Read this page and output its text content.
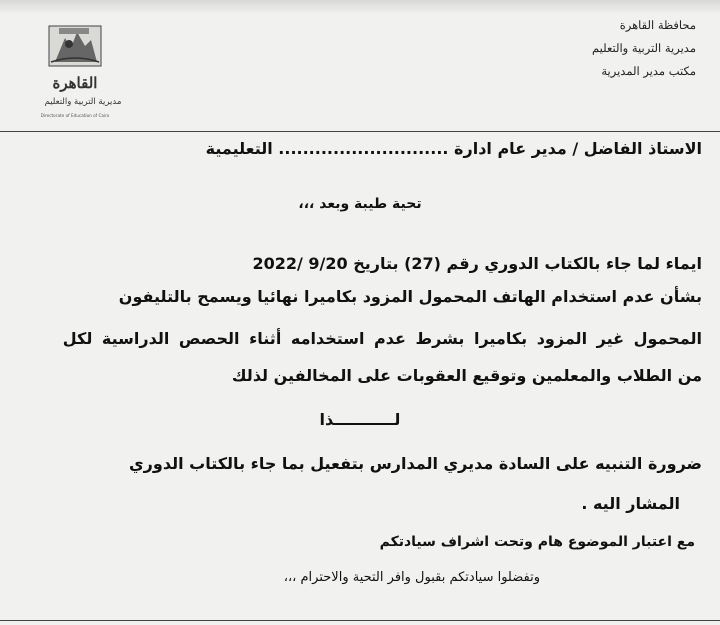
محافظة القاهرة
مديرية التربية والتعليم
مكتب مدير المديرية
القاهرة
مديرية التربية والتعليم
Directorate of Education of Cairo
الاستاذ الفاضل / مدير عام ادارة ............................ التعليمية
تحية طيبة وبعد ،،،
ايماء لما جاء بالكتاب الدوري رقم (27) بتاريخ 9/20 /2022
بشأن عدم استخدام الهاتف المحمول المزود بكاميرا نهائيا ويسمح بالتليفون
المحمول غير المزود بكاميرا بشرط عدم استخدامه أثناء الحصص الدراسية لكل
من الطلاب والمعلمين وتوقيع العقوبات على المخالفين لذلك
لـــــــــــذا
ضرورة التنبيه على السادة مديري المدارس بتفعيل بما جاء بالكتاب الدوري
المشار اليه .
مع اعتبار الموضوع هام وتحت اشراف سيادتكم
وتفضلوا سيادتكم بقبول وافر التحية والاحترام ،،،
